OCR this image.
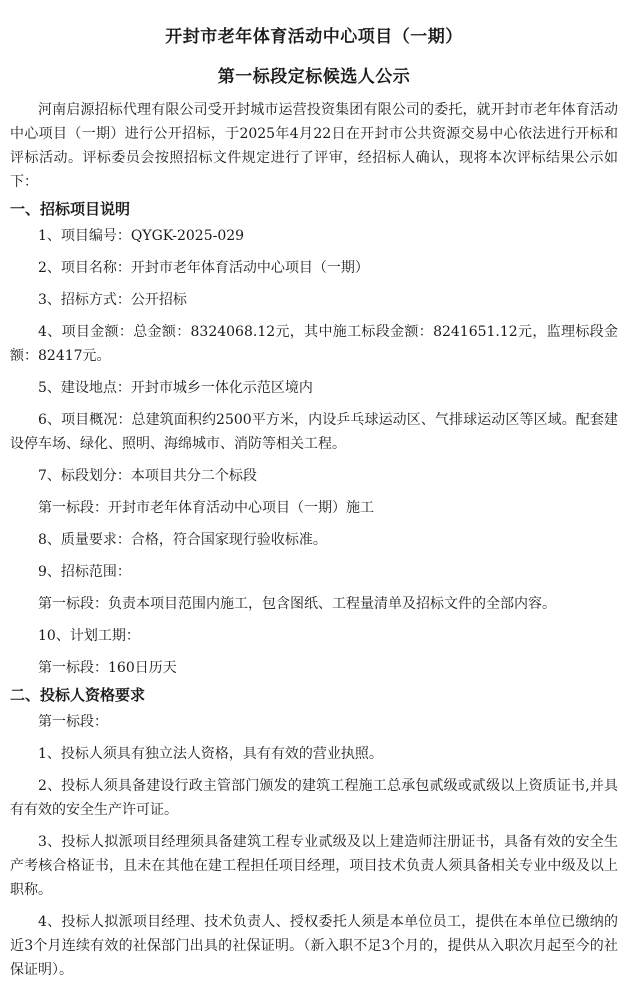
开封市老年体育活动中心项目（一期）
第一标段定标候选人公示

河南启源招标代理有限公司受开封城市运营投资集团有限公司的委托，就开封市老年体育活动中心项目（一期）进行公开招标，于2025年4月22日在开封市公共资源交易中心依法进行开标和评标活动。评标委员会按照招标文件规定进行了评审，经招标人确认，现将本次评标结果公示如下：

一、招标项目说明

1、项目编号：QYGK-2025-029

2、项目名称：开封市老年体育活动中心项目（一期）

3、招标方式：公开招标

4、项目金额：总金额：8324068.12元，其中施工标段金额：8241651.12元，监理标段金额：82417元。

5、建设地点：开封市城乡一体化示范区境内

6、项目概况：总建筑面积约2500平方米，内设乒乓球运动区、气排球运动区等区域。配套建设停车场、绿化、照明、海绵城市、消防等相关工程。

7、标段划分：本项目共分二个标段

第一标段：开封市老年体育活动中心项目（一期）施工

8、质量要求：合格，符合国家现行验收标准。

9、招标范围：

第一标段：负责本项目范围内施工，包含图纸、工程量清单及招标文件的全部内容。

10、计划工期：

第一标段：160日历天

二、投标人资格要求

第一标段：

1、投标人须具有独立法人资格，具有有效的营业执照。

2、投标人须具备建设行政主管部门颁发的建筑工程施工总承包贰级或贰级以上资质证书,并具有有效的安全生产许可证。

3、投标人拟派项目经理须具备建筑工程专业贰级及以上建造师注册证书，具备有效的安全生产考核合格证书，且未在其他在建工程担任项目经理，项目技术负责人须具备相关专业中级及以上职称。

4、投标人拟派项目经理、技术负责人、授权委托人须是本单位员工，提供在本单位已缴纳的近3个月连续有效的社保部门出具的社保证明。（新入职不足3个月的，提供从入职次月起至今的社保证明）。
